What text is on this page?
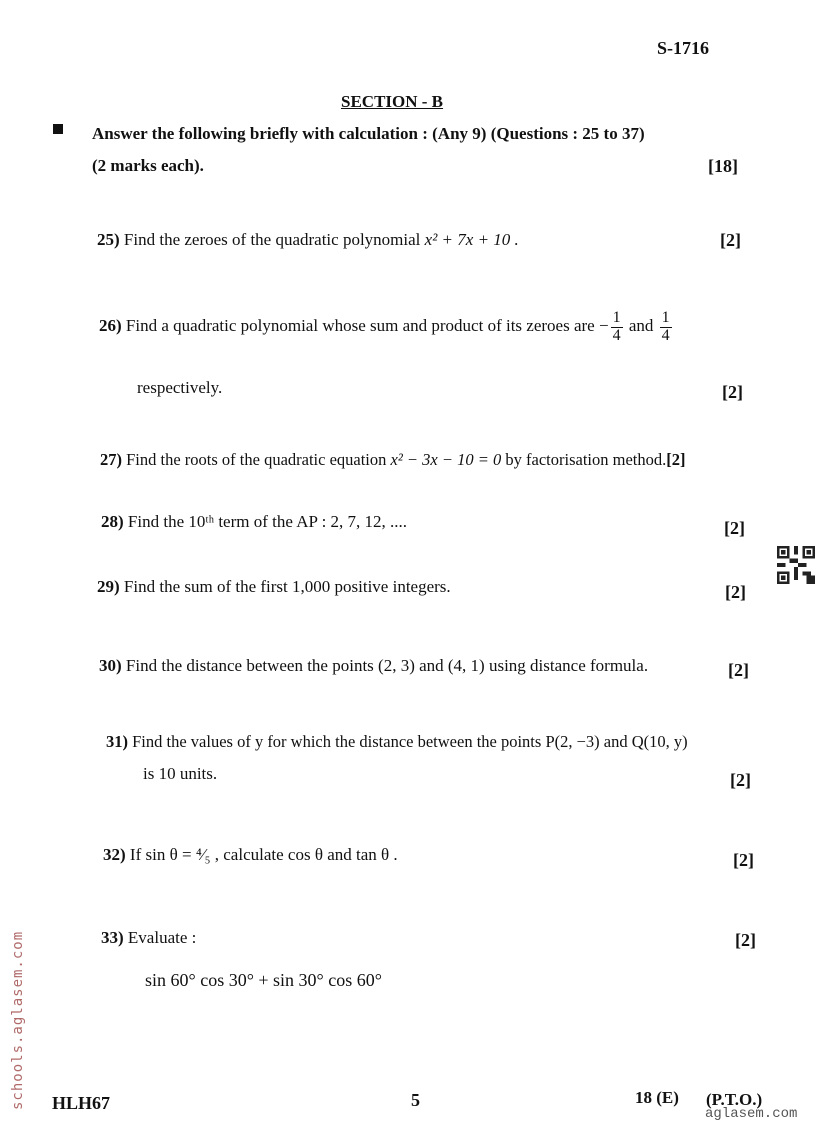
S-1716
SECTION - B
Answer the following briefly with calculation : (Any 9) (Questions : 25 to 37)
(2 marks each).	[18]
25) Find the zeroes of the quadratic polynomial x² + 7x + 10 .	[2]
26) Find a quadratic polynomial whose sum and product of its zeroes are − $\frac{1}{4}$ and $\frac{1}{4}$
respectively.	[2]
27) Find the roots of the quadratic equation x² − 3x − 10 = 0 by factorisation method.[2]
28) Find the 10ᵗʰ term of the AP : 2, 7, 12, ....	[2]
29) Find the sum of the first 1,000 positive integers.	[2]
30) Find the distance between the points (2, 3) and (4, 1) using distance formula.	[2]
31) Find the values of y for which the distance between the points P(2, −3) and Q(10, y)
is 10 units.	[2]
32) If sin θ = ⁴⁄₅ , calculate cos θ and tan θ .	[2]
33) Evaluate :
sin 60° cos 30° + sin 30° cos 60°
[2]
HLH67	5	18 (E) (P.T.O.)
aglasem.com
schools.aglasem.com
